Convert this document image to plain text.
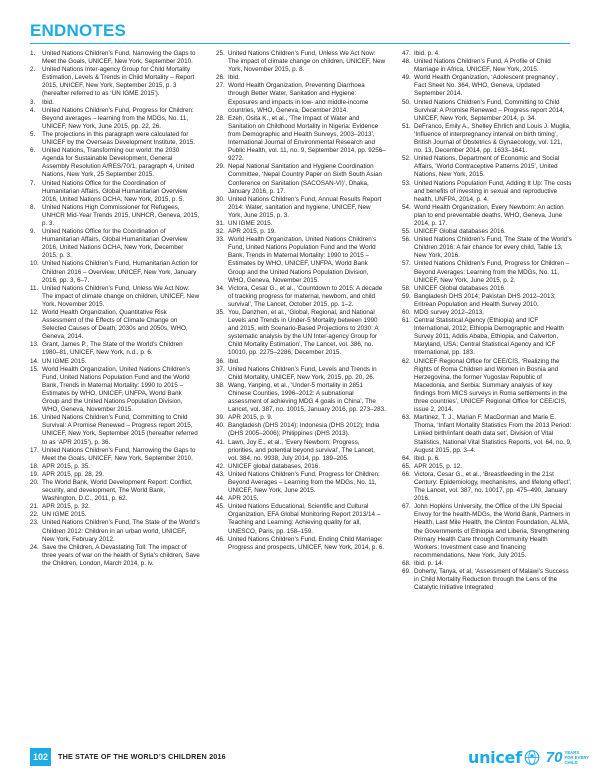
ENDNOTES
1.	United Nations Children’s Fund, Narrowing the Gaps to Meet the Goals, UNICEF, New York, September 2010.
2.	United Nations Inter-agency Group for Child Mortality Estimation, Levels & Trends in Child Mortality – Report 2015, UNICEF, New York, September 2015, p. 3 (hereafter referred to as ‘UN IGME 2015’).
3.	Ibid.
4.	United Nations Children’s Fund, Progress for Children: Beyond averages – learning from the MDGs, No. 11, UNICEF, New York, June 2015, pp. 22, 26.
5.	The projections in this paragraph were calculated for UNICEF by the Overseas Development Institute, 2015.
6.	United Nations, Transforming our world: the 2030 Agenda for Sustainable Development, General Assembly Resolution A/RES/70/1, paragraph 4, United Nations, New York, 25 September 2015.
7.	United Nations Office for the Coordination of Humanitarian Affairs, Global Humanitarian Overview 2016, United Nations OCHA, New York, 2015, p. 5.
8.	United Nations High Commissioner for Refugees, UNHCR Mid-Year Trends 2015, UNHCR, Geneva, 2015, p. 3.
9.	United Nations Office for the Coordination of Humanitarian Affairs, Global Humanitarian Overview 2016, United Nations OCHA, New York, December 2015, p. 3.
10. United Nations Children’s Fund, Humanitarian Action for Children 2016 – Overview, UNICEF, New York, January 2016, pp. 3, 6–7.
11. United Nations Children’s Fund, Unless We Act Now: The impact of climate change on children, UNICEF, New York, November 2015.
12. World Health Organization, Quantitative Risk Assessment of the Effects of Climate Change on Selected Causes of Death, 2030s and 2050s, WHO, Geneva, 2014.
13. Grant, James P., The State of the World’s Children 1980–81, UNICEF, New York, n.d., p. 6.
14. UN IGME 2015.
15. World Health Organization, United Nations Children’s Fund, United Nations Population Fund and the World Bank, Trends in Maternal Mortality: 1990 to 2015 – Estimates by WHO, UNICEF, UNFPA, World Bank Group and the United Nations Population Division, WHO, Geneva, November 2015.
16. United Nations Children’s Fund, Committing to Child Survival: A Promise Renewed – Progress report 2015, UNICEF, New York, September 2015 (hereafter referred to as ‘APR 2015’), p. 36.
17. United Nations Children’s Fund, Narrowing the Gaps to Meet the Goals, UNICEF, New York, September 2010.
18. APR 2015, p. 35.
19. APR 2015, pp. 28, 29.
20. The World Bank, World Development Report: Conflict, security, and development, The World Bank, Washington, D.C., 2011, p. 62.
21. APR 2015, p. 32.
22. UN IGME 2015.
23. United Nations Children’s Fund, The State of the World’s Children 2012: Children in an urban world, UNICEF, New York, February 2012.
24. Save the Children, A Devastating Toll: The impact of three years of war on the health of Syria’s children, Save the Children, London, March 2014, p. iv.
25. United Nations Children’s Fund, Unless We Act Now: The impact of climate change on children, UNICEF, New York, November 2015, p. 8.
26. Ibid.
27. World Health Organization, Preventing Diarrhoea through Better Water, Sanitation and Hygiene: Exposures and impacts in low- and middle-income countries, WHO, Geneva, December 2014.
28. Ezeh, Osita K., et al., ‘The Impact of Water and Sanitation on Childhood Mortality in Nigeria: Evidence from Demographic and Health Surveys, 2003–2013’, International Journal of Environmental Research and Public Health, vol. 11, no. 9, September 2014, pp. 9256–9272.
29. Nepal National Sanitation and Hygiene Coordination Committee, ‘Nepal Country Paper on Sixth South Asian Conference on Sanitation (SACOSAN-VI)’, Dhaka, January 2016, p. 17.
30. United Nations Children’s Fund, Annual Results Report 2014: Water, sanitation and hygiene, UNICEF, New York, June 2015, p. 3.
31. UN IGME 2015.
32. APR 2015, p. 19.
33. World Health Organization, United Nations Children’s Fund, United Nations Population Fund and the World Bank, Trends in Maternal Mortality: 1990 to 2015 – Estimates by WHO, UNICEF, UNFPA, World Bank Group and the United Nations Population Division, WHO, Geneva, November 2015.
34. Victora, Cesar G., et al., ‘Countdown to 2015: A decade of tracking progress for maternal, newborn, and child survival’, The Lancet, October 2015, pp. 1–2.
35. You, Danzhen, et al., ‘Global, Regional, and National Levels and Trends in Under-5 Mortality between 1990 and 2015, with Scenario-Based Projections to 2030: A systematic analysis by the UN Inter-agency Group for Child Mortality Estimation’, The Lancet, vol. 386, no. 10010, pp. 2275–2286, December 2015.
36. Ibid.
37. United Nations Children’s Fund, Levels and Trends in Child Mortality, UNICEF, New York, 2015, pp. 20, 26.
38. Wang, Yanping, et al., ‘Under-5 mortality in 2851 Chinese Counties, 1996–2012: A subnational assessment of achieving MDG 4 goals in China’, The Lancet, vol. 387, no. 10015, January 2016, pp. 273–283.
39. APR 2015, p. 9.
40. Bangladesh (DHS 2014); Indonesia (DHS 2012); India (DHS 2005–2006); Philippines (DHS 2013).
41. Lawn, Joy E., et al., ‘Every Newborn: Progress, priorities, and potential beyond survival’, The Lancet, vol. 384, no. 9938, July 2014, pp. 189–205.
42. UNICEF global databases, 2016.
43. United Nations Children’s Fund, Progress for Children: Beyond Averages – Learning from the MDGs, No. 11, UNICEF, New York, June 2015.
44. APR 2015.
45. United Nations Educational, Scientific and Cultural Organization, EFA Global Monitoring Report 2013/14 – Teaching and Learning: Achieving quality for all, UNESCO, Paris, pp. 158–159.
46. United Nations Children’s Fund, Ending Child Marriage: Progress and prospects, UNICEF, New York, 2014, p. 6.
47. Ibid. p. 4.
48. United Nations Children’s Fund, A Profile of Child Marriage in Africa, UNICEF, New York, 2015.
49. World Health Organization, ‘Adolescent pregnancy’, Fact Sheet No. 364, WHO, Geneva, Updated September 2014.
50. United Nations Children’s Fund, Committing to Child Survival: A Promise Renewed – Progress report 2014, UNICEF, New York, September 2014, p. 34.
51. DeFranco, Emily A., Shelley Ehrlich and Louis J. Muglia, ‘Influence of interpregnancy interval on birth timing’, British Journal of Obstetrics & Gynaecology, vol. 121, no. 13, December 2014, pp. 1633–1641.
52. United Nations, Department of Economic and Social Affairs, ‘World Contraceptive Patterns 2015’, United Nations, New York, 2015.
53. United Nations Population Fund, Adding It Up: The costs and benefits of investing in sexual and reproductive health, UNFPA, 2014, p. 4.
54. World Health Organization, Every Newborn: An action plan to end preventable deaths, WHO, Geneva, June 2014, p. 17.
55. UNICEF Global databases 2016.
56. United Nations Children’s Fund, The State of the World’s Children 2016: A fair chance for every child, Table 13, New York, 2016.
57. United Nations Children’s Fund, Progress for Children – Beyond Averages: Learning from the MDGs, No. 11, UNICEF, New York, June 2015, p. 2.
58. UNICEF Global databases 2016.
59. Bangladesh DHS 2014; Pakistan DHS 2012–2013; Eritrean Population and Health Survey 2010.
60. MDG survey 2012–2013.
61. Central Statistical Agency (Ethiopia) and ICF International, 2012; Ethiopia Demographic and Health Survey 2011, Addis Ababa, Ethiopia, and Calverton, Maryland, USA; Central Statistical Agency and ICF International, pp. 183.
62. UNICEF Regional Office for CEE/CIS, ‘Realizing the Rights of Roma Children and Women in Bosnia and Herzegovina, the former Yugoslav Republic of Macedonia, and Serbia: Summary analysis of key findings from MICS surveys in Roma settlements in the three countries’, UNICEF Regional Office for CEE/CIS, issue 2, 2014.
63. Martinez, T. J., Marian F. MacDorman and Marie E. Thoma, ‘Infant Mortality Statistics From the 2013 Period: Linked birth/infant death data set’, Division of Vital Statistics, National Vital Statistics Reports, vol. 64, no. 9, August 2015, pp. 3–4.
64. Ibid. p. 6.
65. APR 2015, p. 12.
66. Victora, Cesar G., et al., ‘Breastfeeding in the 21st Century: Epidemiology, mechanisms, and lifelong effect’, The Lancet, vol. 387, no. 10017, pp. 475–490, January 2016.
67. John Hopkins University, the Office of the UN Special Envoy for the health-MDGs, the World Bank, Partners in Health, Last Mile Health, the Clinton Foundation, ALMA, the Governments of Ethiopia and Liberia, Strengthening Primary Health Care through Community Health Workers: Investment case and financing recommendations, New York, July 2015.
68. Ibid. p. 14.
69. Doherty, Tanya, et al, ‘Assessment of Malawi’s Success in Child Mortality Reduction through the Lens of the Catalytic Initiative Integrated
102	THE STATE OF THE WORLD’S CHILDREN 2016	unicef 70 YEARS
FOR EVERY CHILD
